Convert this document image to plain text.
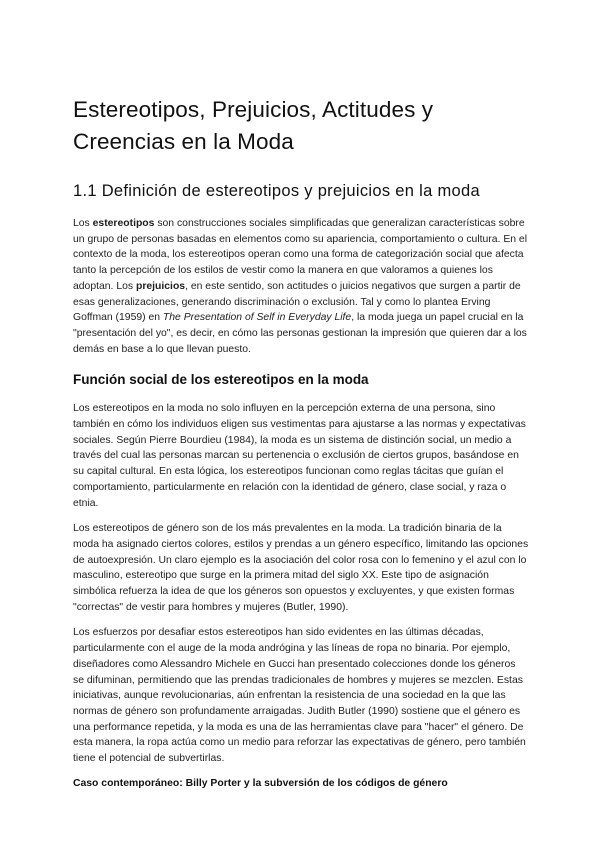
Estereotipos, Prejuicios, Actitudes y Creencias en la Moda
1.1 Definición de estereotipos y prejuicios en la moda

Los estereotipos son construcciones sociales simplificadas que generalizan características sobre un grupo de personas basadas en elementos como su apariencia, comportamiento o cultura. En el contexto de la moda, los estereotipos operan como una forma de categorización social que afecta tanto la percepción de los estilos de vestir como la manera en que valoramos a quienes los adoptan. Los prejuicios, en este sentido, son actitudes o juicios negativos que surgen a partir de esas generalizaciones, generando discriminación o exclusión. Tal y como lo plantea Erving Goffman (1959) en The Presentation of Self in Everyday Life, la moda juega un papel crucial en la "presentación del yo", es decir, en cómo las personas gestionan la impresión que quieren dar a los demás en base a lo que llevan puesto.

Función social de los estereotipos en la moda

Los estereotipos en la moda no solo influyen en la percepción externa de una persona, sino también en cómo los individuos eligen sus vestimentas para ajustarse a las normas y expectativas sociales. Según Pierre Bourdieu (1984), la moda es un sistema de distinción social, un medio a través del cual las personas marcan su pertenencia o exclusión de ciertos grupos, basándose en su capital cultural. En esta lógica, los estereotipos funcionan como reglas tácitas que guían el comportamiento, particularmente en relación con la identidad de género, clase social, y raza o etnia.

Los estereotipos de género son de los más prevalentes en la moda. La tradición binaria de la moda ha asignado ciertos colores, estilos y prendas a un género específico, limitando las opciones de autoexpresión. Un claro ejemplo es la asociación del color rosa con lo femenino y el azul con lo masculino, estereotipo que surge en la primera mitad del siglo XX. Este tipo de asignación simbólica refuerza la idea de que los géneros son opuestos y excluyentes, y que existen formas "correctas" de vestir para hombres y mujeres (Butler, 1990).

Los esfuerzos por desafiar estos estereotipos han sido evidentes en las últimas décadas, particularmente con el auge de la moda andrógina y las líneas de ropa no binaria. Por ejemplo, diseñadores como Alessandro Michele en Gucci han presentado colecciones donde los géneros se difuminan, permitiendo que las prendas tradicionales de hombres y mujeres se mezclen. Estas iniciativas, aunque revolucionarias, aún enfrentan la resistencia de una sociedad en la que las normas de género son profundamente arraigadas. Judith Butler (1990) sostiene que el género es una performance repetida, y la moda es una de las herramientas clave para "hacer" el género. De esta manera, la ropa actúa como un medio para reforzar las expectativas de género, pero también tiene el potencial de subvertirlas.

Caso contemporáneo: Billy Porter y la subversión de los códigos de género
